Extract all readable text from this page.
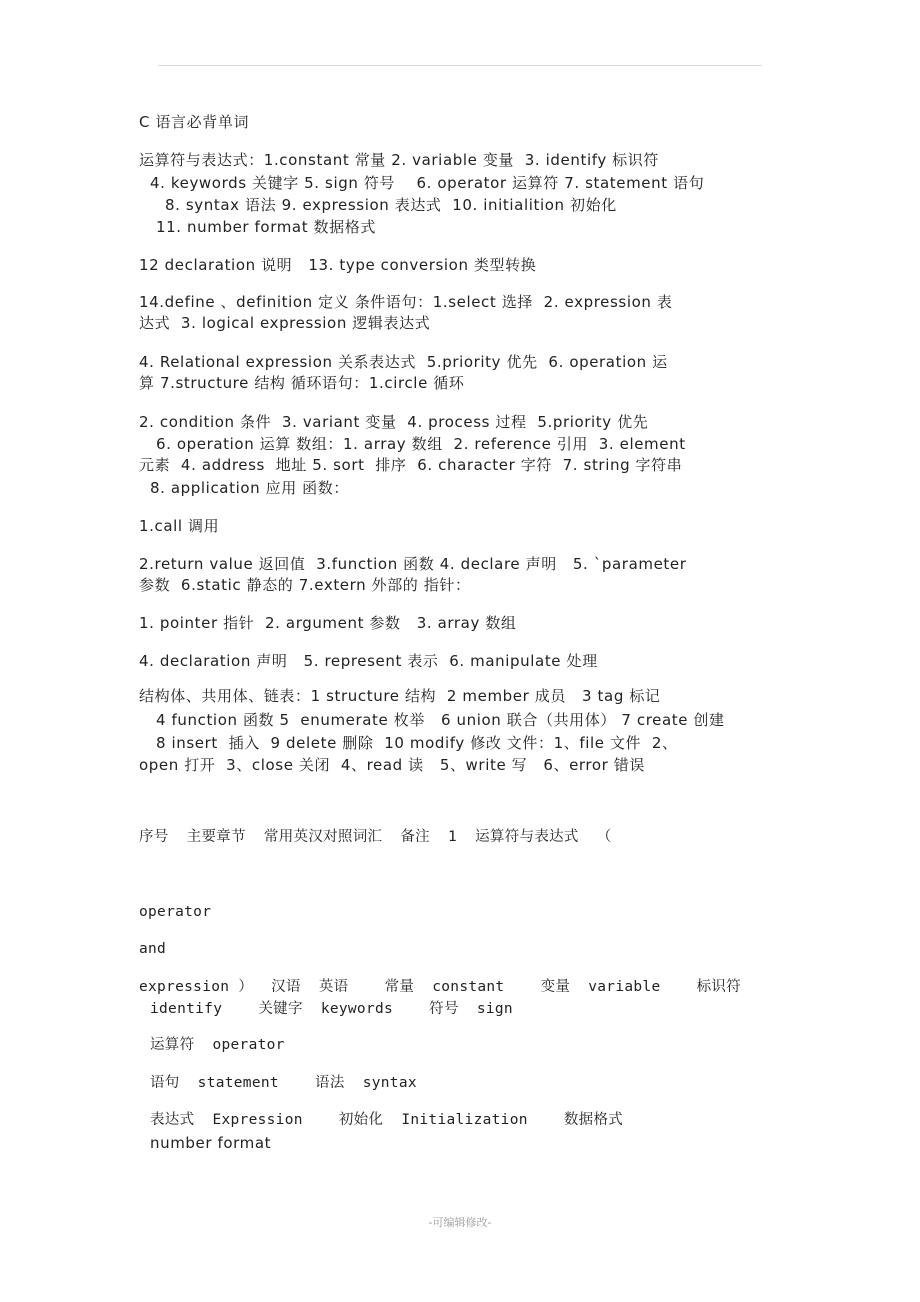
C 语言必背单词
运算符与表达式：1.constant 常量 2. variable 变量  3. identify 标识符
4. keywords 关键字 5. sign 符号    6. operator 运算符 7. statement 语句
8. syntax 语法 9. expression 表达式  10. initialition 初始化
11. number format 数据格式
12 declaration 说明   13. type conversion 类型转换
14.define 、definition 定义 条件语句：1.select 选择  2. expression 表
达式  3. logical expression 逻辑表达式
4. Relational expression 关系表达式  5.priority 优先  6. operation 运
算 7.structure 结构 循环语句：1.circle 循环
2. condition 条件  3. variant 变量  4. process 过程  5.priority 优先
6. operation 运算 数组：1. array 数组  2. reference 引用  3. element
元素  4. address  地址 5. sort  排序  6. character 字符  7. string 字符串
8. application 应用 函数：
1.call 调用
2.return value 返回值  3.function 函数 4. declare 声明   5. `parameter
参数  6.static 静态的 7.extern 外部的 指针：
1. pointer 指针  2. argument 参数   3. array 数组
4. declaration 声明   5. represent 表示  6. manipulate 处理
结构体、共用体、链表：1 structure 结构  2 member 成员   3 tag 标记
4 function 函数 5  enumerate 枚举   6 union 联合（共用体） 7 create 创建
8 insert  插入  9 delete 删除  10 modify 修改 文件：1、file 文件  2、
open 打开  3、close 关闭  4、read 读   5、write 写   6、error 错误
序号  主要章节  常用英汉对照词汇  备注  1  运算符与表达式  （
operator
and
expression ）  汉语  英语    常量  constant    变量  variable    标识符
identify    关键字  keywords    符号  sign
运算符  operator
语句  statement    语法  syntax
表达式  Expression    初始化  Initialization    数据格式
number format
-可编辑修改-
